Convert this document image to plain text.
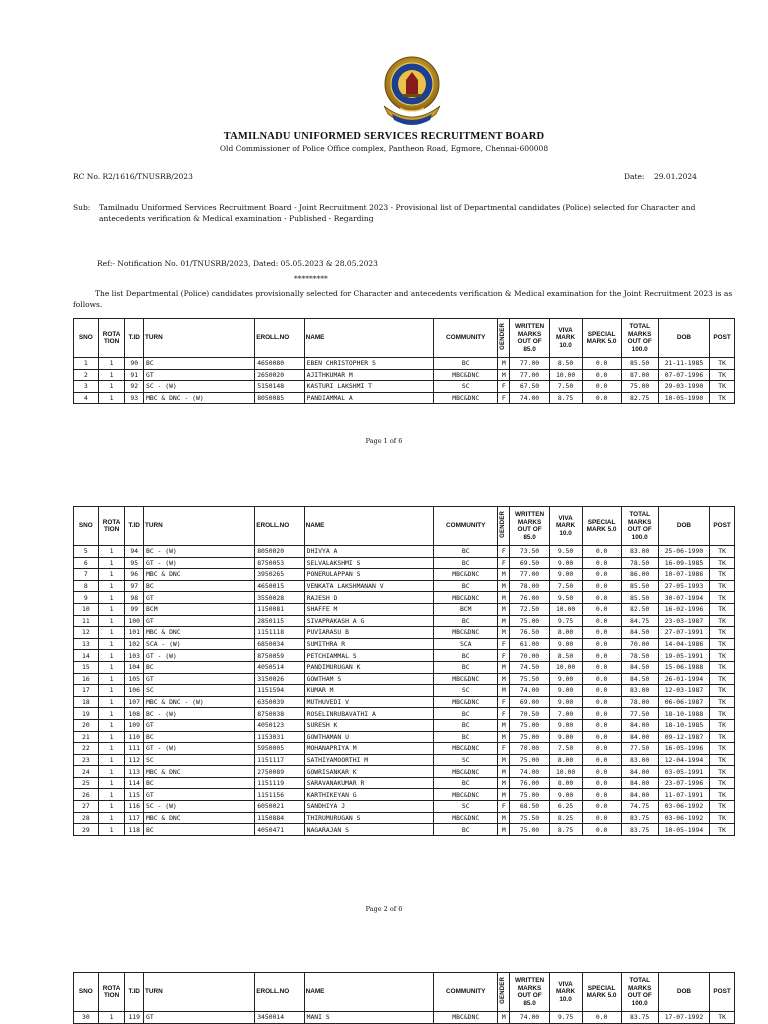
TAMILNADU UNIFORMED SERVICES RECRUITMENT BOARD
Old Commissioner of Police Office complex, Pantheon Road, Egmore, Chennai-600008
RC No. R2/1616/TNUSRB/2023	Date: 29.01.2024
Sub:	Tamilnadu Uniformed Services Recruitment Board - Joint Recruitment 2023 - Provisional list of Departmental candidates (Police) selected for Character and antecedents verification & Medical examination - Published - Regarding
Ref:- Notification No. 01/TNUSRB/2023, Dated: 05.05.2023 & 28.05.2023
*********
The list Departmental (Police) candidates provisionally selected for Character and antecedents verification & Medical examination for the Joint Recruitment 2023 is as follows.
SNO	ROTA TION	T.ID	TURN	EROLL.NO	NAME	COMMUNITY	GENDER	WRITTEN MARKS OUT OF 85.0	VIVA MARK 10.0	SPECIAL MARK 5.0	TOTAL MARKS OUT OF 100.0	DOB	POST
1	1	90	BC	4650080	EBEN CHRISTOPHER S	BC	M	77.00	8.50	0.0	85.50	21-11-1985	TK
2	1	91	GT	2650020	AJITHKUMAR M	MBC&DNC	M	77.00	10.00	0.0	87.00	07-07-1996	TK
3	1	92	SC - (W)	5150148	KASTURI LAKSHMI T	SC	F	67.50	7.50	0.0	75.00	29-03-1990	TK
4	1	93	MBC & DNC - (W)	8050085	PANDIAMMAL A	MBC&DNC	F	74.00	8.75	0.0	82.75	10-05-1990	TK
Page 1 of 6
SNO	ROTA TION	T.ID	TURN	EROLL.NO	NAME	COMMUNITY	GENDER	WRITTEN MARKS OUT OF 85.0	VIVA MARK 10.0	SPECIAL MARK 5.0	TOTAL MARKS OUT OF 100.0	DOB	POST
5	1	94	BC - (W)	8050020	DHIVYA A	BC	F	73.50	9.50	0.0	83.00	25-06-1990	TK
6	1	95	GT - (W)	8750053	SELVALAKSHMI S	BC	F	69.50	9.00	0.0	78.50	16-09-1985	TK
7	1	96	MBC & DNC	3950265	PONERULAPPAN S	MBC&DNC	M	77.00	9.00	0.0	86.00	10-07-1986	TK
8	1	97	BC	4650015	VENKATA LAKSHMANAN V	BC	M	78.00	7.50	0.0	85.50	27-05-1993	TK
9	1	98	GT	3550028	RAJESH D	MBC&DNC	M	76.00	9.50	0.0	85.50	30-07-1994	TK
10	1	99	BCM	1150081	SHAFFE M	BCM	M	72.50	10.00	0.0	82.50	16-02-1996	TK
11	1	100	GT	2850115	SIVAPRAKASH A G	BC	M	75.00	9.75	0.0	84.75	23-03-1987	TK
12	1	101	MBC & DNC	1151118	PUVIARASU B	MBC&DNC	M	76.50	8.00	0.0	84.50	27-07-1991	TK
13	1	102	SCA - (W)	6850034	SUMITHRA R	SCA	F	61.00	9.00	0.0	70.00	14-04-1986	TK
14	1	103	GT - (W)	8750059	PETCHIAMMAL S	BC	F	70.00	8.50	0.0	78.50	19-05-1991	TK
15	1	104	BC	4050514	PANDIMURUGAN K	BC	M	74.50	10.00	0.0	84.50	15-06-1988	TK
16	1	105	GT	3150026	GOWTHAM S	MBC&DNC	M	75.50	9.00	0.0	84.50	26-01-1994	TK
17	1	106	SC	1151594	KUMAR M	SC	M	74.00	9.00	0.0	83.00	12-03-1987	TK
18	1	107	MBC & DNC - (W)	6350039	MUTHUVEDI V	MBC&DNC	F	69.00	9.00	0.0	78.00	06-06-1987	TK
19	1	108	BC - (W)	8750038	ROSELINRUBAVATHI A	BC	F	70.50	7.00	0.0	77.50	18-10-1988	TK
20	1	109	GT	4050123	SURESH K	BC	M	75.00	9.00	0.0	84.00	18-10-1985	TK
21	1	110	BC	1153031	GOWTHAMAN U	BC	M	75.00	9.00	0.0	84.00	09-12-1987	TK
22	1	111	GT - (W)	5950005	MOHANAPRIYA M	MBC&DNC	F	70.00	7.50	0.0	77.50	16-05-1996	TK
23	1	112	SC	1151117	SATHIYAMOORTHI M	SC	M	75.00	8.00	0.0	83.00	12-04-1994	TK
24	1	113	MBC & DNC	2750089	GOWRISANKAR K	MBC&DNC	M	74.00	10.00	0.0	84.00	03-05-1991	TK
25	1	114	BC	1151119	SARAVANAKUMAR R	BC	M	76.00	8.00	0.0	84.00	23-07-1996	TK
26	1	115	GT	1151156	KARTHIKEYAN G	MBC&DNC	M	75.00	9.00	0.0	84.00	11-07-1991	TK
27	1	116	SC - (W)	6050021	SANDHIYA J	SC	F	68.50	6.25	0.0	74.75	03-06-1992	TK
28	1	117	MBC & DNC	1150884	THIRUMURUGAN S	MBC&DNC	M	75.50	8.25	0.0	83.75	03-06-1992	TK
29	1	118	BC	4050471	NAGARAJAN S	BC	M	75.00	8.75	0.0	83.75	10-05-1994	TK
Page 2 of 6
SNO	ROTA TION	T.ID	TURN	EROLL.NO	NAME	COMMUNITY	GENDER	WRITTEN MARKS OUT OF 85.0	VIVA MARK 10.0	SPECIAL MARK 5.0	TOTAL MARKS OUT OF 100.0	DOB	POST
30	1	119	GT	3450014	MANI S	MBC&DNC	M	74.00	9.75	0.0	83.75	17-07-1992	TK
